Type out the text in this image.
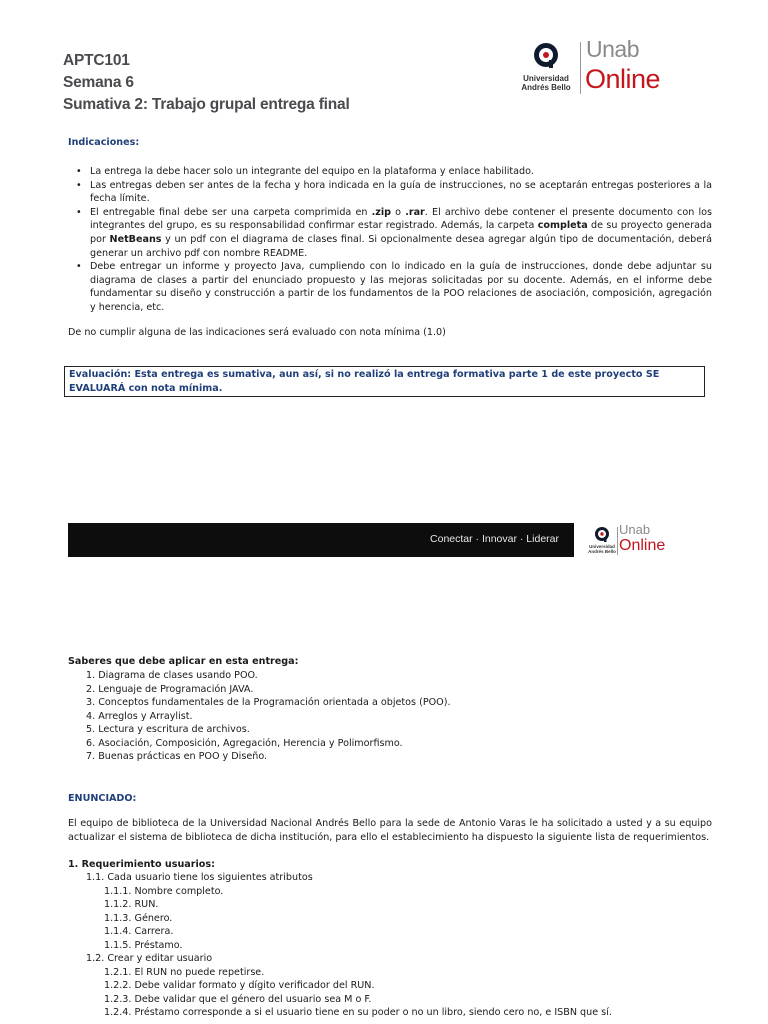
APTC101
Semana 6
Sumativa 2: Trabajo grupal entrega final
Universidad Andrés Bello
Unab
Online
Indicaciones:
• La entrega la debe hacer solo un integrante del equipo en la plataforma y enlace habilitado.
• Las entregas deben ser antes de la fecha y hora indicada en la guía de instrucciones, no se aceptarán entregas posteriores a la fecha límite.
• El entregable final debe ser una carpeta comprimida en .zip o .rar. El archivo debe contener el presente documento con los integrantes del grupo, es su responsabilidad confirmar estar registrado. Además, la carpeta completa de su proyecto generada por NetBeans y un pdf con el diagrama de clases final. Si opcionalmente desea agregar algún tipo de documentación, deberá generar un archivo pdf con nombre README.
• Debe entregar un informe y proyecto Java, cumpliendo con lo indicado en la guía de instrucciones, donde debe adjuntar su diagrama de clases a partir del enunciado propuesto y las mejoras solicitadas por su docente. Además, en el informe debe fundamentar su diseño y construcción a partir de los fundamentos de la POO relaciones de asociación, composición, agregación y herencia, etc.
De no cumplir alguna de las indicaciones será evaluado con nota mínima (1.0)
Evaluación: Esta entrega es sumativa, aun así, si no realizó la entrega formativa parte 1 de este proyecto SE EVALUARÁ con nota mínima.
Conectar · Innovar · Liderar
Universidad Andrés Bello
Unab
Online
Saberes que debe aplicar en esta entrega:
1. Diagrama de clases usando POO.
2. Lenguaje de Programación JAVA.
3. Conceptos fundamentales de la Programación orientada a objetos (POO).
4. Arreglos y Arraylist.
5. Lectura y escritura de archivos.
6. Asociación, Composición, Agregación, Herencia y Polimorfismo.
7. Buenas prácticas en POO y Diseño.
ENUNCIADO:
El equipo de biblioteca de la Universidad Nacional Andrés Bello para la sede de Antonio Varas le ha solicitado a usted y a su equipo actualizar el sistema de biblioteca de dicha institución, para ello el establecimiento ha dispuesto la siguiente lista de requerimientos.
1. Requerimiento usuarios:
1.1. Cada usuario tiene los siguientes atributos
1.1.1. Nombre completo.
1.1.2. RUN.
1.1.3. Género.
1.1.4. Carrera.
1.1.5. Préstamo.
1.2. Crear y editar usuario
1.2.1. El RUN no puede repetirse.
1.2.2. Debe validar formato y dígito verificador del RUN.
1.2.3. Debe validar que el género del usuario sea M o F.
1.2.4. Préstamo corresponde a si el usuario tiene en su poder o no un libro, siendo cero no, e ISBN que sí.
